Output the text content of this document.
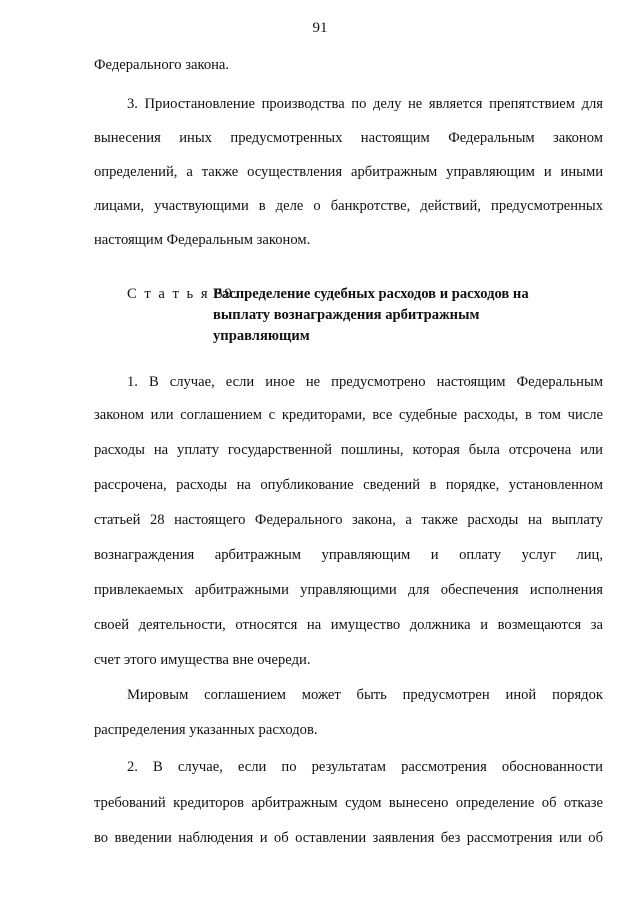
91
Федерального закона.
3. Приостановление производства по делу не является препятствием для
вынесения иных предусмотренных настоящим Федеральным законом
определений, а также осуществления арбитражным управляющим и иными
лицами, участвующими в деле о банкротстве, действий, предусмотренных
настоящим Федеральным законом.
С т а т ь я 59.
Распределение судебных расходов и расходов на
выплату вознаграждения арбитражным
управляющим
1. В случае, если иное не предусмотрено настоящим Федеральным
законом или соглашением с кредиторами, все судебные расходы, в том числе
расходы на уплату государственной пошлины, которая была отсрочена или
рассрочена, расходы на опубликование сведений в порядке, установленном
статьей 28 настоящего Федерального закона, а также расходы на выплату
вознаграждения арбитражным управляющим и оплату услуг лиц,
привлекаемых арбитражными управляющими для обеспечения исполнения
своей деятельности, относятся на имущество должника и возмещаются за
счет этого имущества вне очереди.
Мировым соглашением может быть предусмотрен иной порядок
распределения указанных расходов.
2. В случае, если по результатам рассмотрения обоснованности
требований кредиторов арбитражным судом вынесено определение об отказе
во введении наблюдения и об оставлении заявления без рассмотрения или об
